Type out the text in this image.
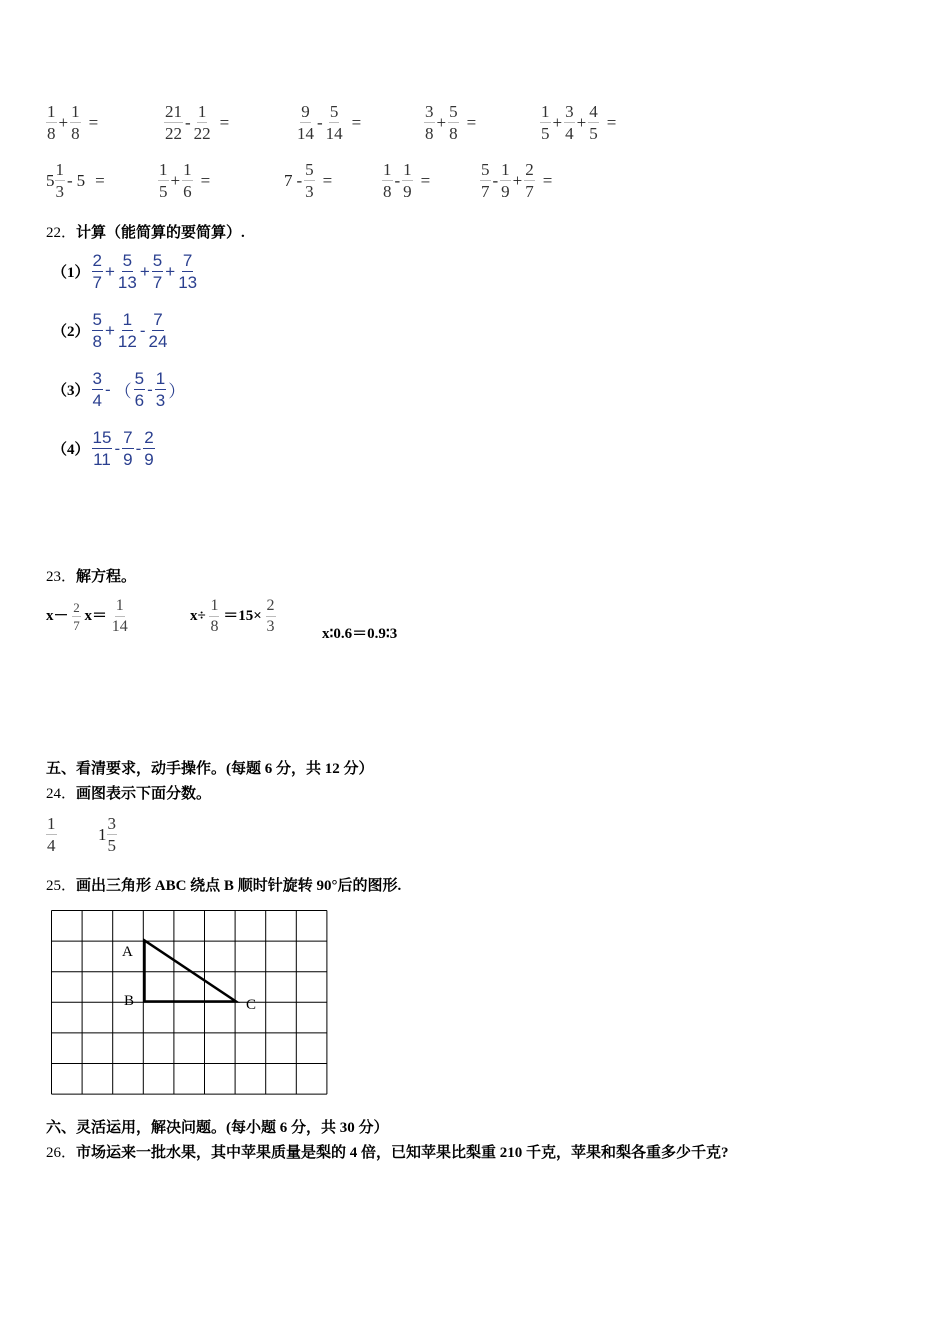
$\frac{1}{8} + \frac{1}{8}$ =	$\frac{21}{22} - \frac{1}{22}$ =	$\frac{9}{14} - \frac{5}{14}$ =	$\frac{3}{8} + \frac{5}{8}$ =	$\frac{1}{5} + \frac{3}{4} + \frac{4}{5}$ =
$5 \frac{1}{3} - 5$ =	$\frac{1}{5} + \frac{1}{6}$ =	$7 - \frac{5}{3}$ =	$\frac{1}{8} - \frac{1}{9}$ =	$\frac{5}{7} - \frac{1}{9} + \frac{2}{7}$ =
22．计算（能简算的要简算）.
$(1) \frac{2}{7} + \frac{5}{13} + \frac{5}{7} + \frac{7}{13}$
$(2) \frac{5}{8} + \frac{1}{12} - \frac{7}{24}$
$(3) \frac{3}{4}$ - （ $\frac{5}{6} - \frac{1}{3}$ ）
$(4) \frac{15}{11} - \frac{7}{9} - \frac{2}{9}$
23．解方程。
$x- \frac{2}{7} x= \frac{1}{14}$	$x\div \frac{1}{8} =15\times \frac{2}{3}$	x∶0.6＝0.9∶3
五、看清要求，动手操作。(每题 6 分，共 12 分）
24．画图表示下面分数。
$\frac{1}{4} 1 \frac{3}{5}$
25．画出三角形 ABC 绕点 B 顺时针旋转 90°后的图形.
A
B	C
六、灵活运用，解决问题。(每小题 6 分，共 30 分）
26．市场运来一批水果，其中苹果质量是梨的 4 倍，已知苹果比梨重 210 千克，苹果和梨各重多少千克?
